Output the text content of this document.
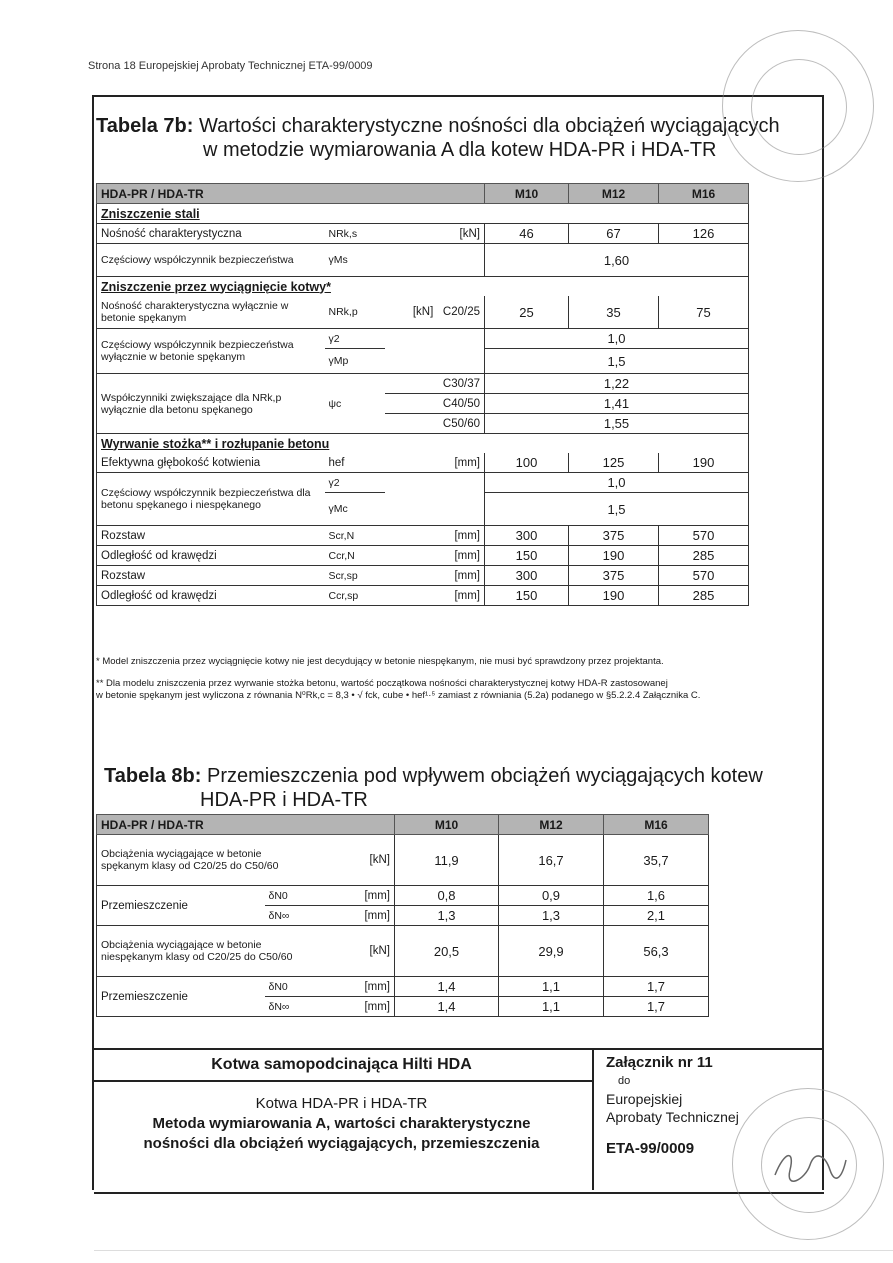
Strona 18 Europejskiej Aprobaty Technicznej ETA-99/0009
Tabela 7b: Wartości charakterystyczne nośności dla obciążeń wyciągających
w metodzie wymiarowania A dla kotew HDA-PR i HDA-TR
HDA-PR / HDA-TR			M10	M12	M16
Zniszczenie stali					
Nośność charakterystyczna	NRk,s	[kN]	46	67	126
Częściowy współczynnik bezpieczeństwa	γMs		1,60		
Zniszczenie przez wyciągnięcie kotwy*					
Nośność charakterystyczna wyłącznie w betonie spękanym	NRk,p	[kN] C20/25	25	35	75
Częściowy współczynnik bezpieczeństwa wyłącznie w betonie spękanym	γ2		1,0		
	γMp		1,5		
Współczynniki zwiększające dla NRk,p wyłącznie dla betonu spękanego	ψc	C30/37	1,22		
		C40/50	1,41		
		C50/60	1,55		
Wyrwanie stożka** i rozłupanie betonu					
Efektywna głębokość kotwienia	hef	[mm]	100	125	190
Częściowy współczynnik bezpieczeństwa dla betonu spękanego i niespękanego	γ2		1,0		
	γMc		1,5		
Rozstaw	Scr,N	[mm]	300	375	570
Odległość od krawędzi	Ccr,N	[mm]	150	190	285
Rozstaw	Scr,sp	[mm]	300	375	570
Odległość od krawędzi	Ccr,sp	[mm]	150	190	285

* Model zniszczenia przez wyciągnięcie kotwy nie jest decydujący w betonie niespękanym, nie musi być sprawdzony przez projektanta.

** Dla modelu zniszczenia przez wyrwanie stożka betonu, wartość początkowa nośności charakterystycznej kotwy HDA-R zastosowanej

w betonie spękanym jest wyliczona z równania N⁰Rk,c = 8,3 • √ fck, cube • hef¹·⁵ zamiast z równiania (5.2a) podanego w §5.2.2.4 Załącznika C.

Tabela 8b: Przemieszczenia pod wpływem obciążeń wyciągających kotew
HDA-PR i HDA-TR
HDA-PR / HDA-TR			M10	M12	M16
Obciążenia wyciągające w betonie spękanym klasy od C20/25 do C50/60		[kN]	11,9	16,7	35,7
Przemieszczenie	δN0	[mm]	0,8	0,9	1,6
	δN∞	[mm]	1,3	1,3	2,1
Obciążenia wyciągające w betonie niespękanym klasy od C20/25 do C50/60		[kN]	20,5	29,9	56,3
Przemieszczenie	δN0	[mm]	1,4	1,1	1,7
	δN∞	[mm]	1,4	1,1	1,7
Kotwa samopodcinająca Hilti HDA
Kotwa HDA-PR i HDA-TR
Metoda wymiarowania A, wartości charakterystyczne
nośności dla obciążeń wyciągających, przemieszczenia
Załącznik nr 11
do
Europejskiej
Aprobaty Technicznej
ETA-99/0009
